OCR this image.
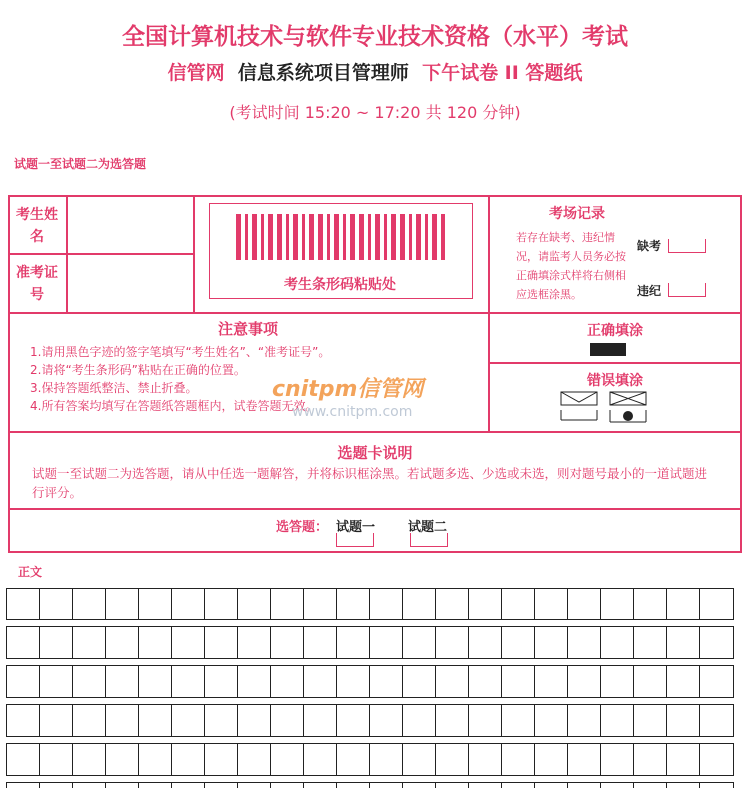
全国计算机技术与软件专业技术资格（水平）考试
信管网 信息系统项目管理师 下午试卷 II 答题纸
(考试时间 15:20 ~ 17:20 共 120 分钟)
试题一至试题二为选答题
考生姓名
准考证号
考生条形码粘贴处
考场记录
若存在缺考、违纪情况，请监考人员务必按正确填涂式样将右侧相应选框涂黑。
缺考
违纪
注意事项
1.请用黑色字迹的签字笔填写“考生姓名”、“准考证号”。
2.请将“考生条形码”粘贴在正确的位置。
3.保持答题纸整洁、禁止折叠。
4.所有答案均填写在答题纸答题框内，试卷答题无效。
cnitpm信管网
www.cnitpm.com
正确填涂
错误填涂
选题卡说明
试题一至试题二为选答题，请从中任选一题解答，并将标识框涂黑。若试题多选、少选或未选，则对题号最小的一道试题进行评分。
选答题： 试题一	试题二
正文
